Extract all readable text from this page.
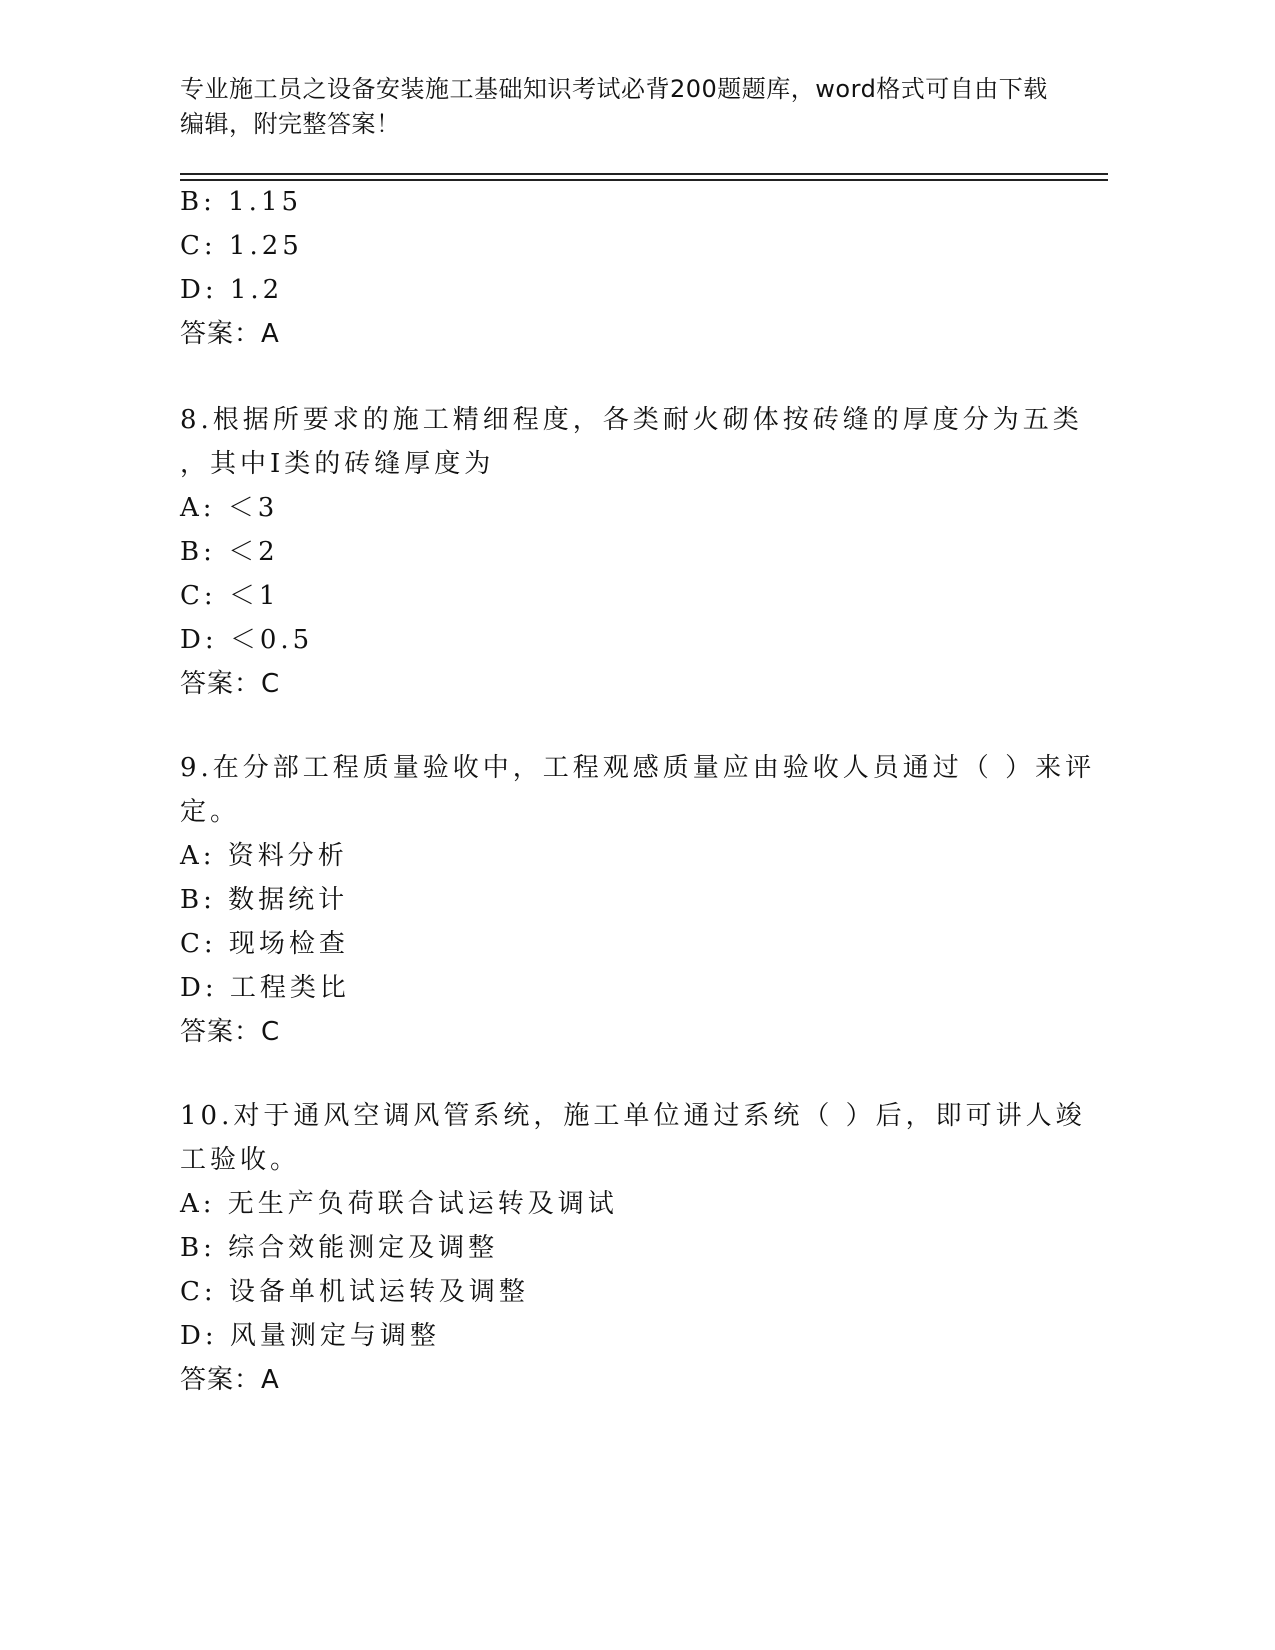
专业施工员之设备安装施工基础知识考试必背200题题库，word格式可自由下载
编辑，附完整答案！
B: 1.15
C: 1.25
D: 1.2
答案：A
8.根据所要求的施工精细程度，各类耐火砌体按砖缝的厚度分为五类
，其中Ⅰ类的砖缝厚度为
A: ＜3
B: ＜2
C: ＜1
D: ＜0.5
答案：C
9.在分部工程质量验收中，工程观感质量应由验收人员通过（ ）来评
定。
A: 资料分析
B: 数据统计
C: 现场检查
D: 工程类比
答案：C
10.对于通风空调风管系统，施工单位通过系统（ ）后，即可讲人竣
工验收。
A: 无生产负荷联合试运转及调试
B: 综合效能测定及调整
C: 设备单机试运转及调整
D: 风量测定与调整
答案：A
